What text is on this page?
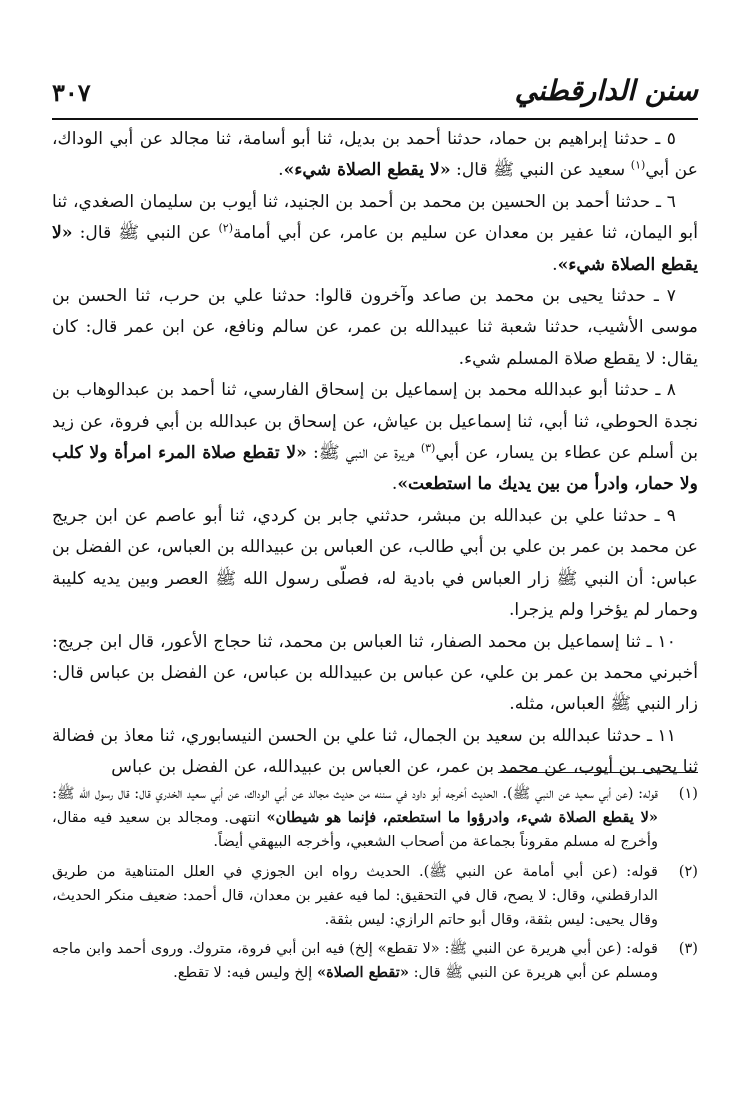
سنن الدارقطني
٣٠٧

٥ ـ حدثنا إبراهيم بن حماد، حدثنا أحمد بن بديل، ثنا أبو أسامة، ثنا مجالد عن أبي الوداك، عن أبي$^{(١)}$ سعيد عن النبي ﷺ قال: «لا يقطع الصلاة شيء».

٦ ـ حدثنا أحمد بن الحسين بن محمد بن أحمد بن الجنيد، ثنا أيوب بن سليمان الصغدي، ثنا أبو اليمان، ثنا عفير بن معدان عن سليم بن عامر، عن أبي أمامة$^{(٢)}$ عن النبي ﷺ قال: «لا يقطع الصلاة شيء».

٧ ـ حدثنا يحيى بن محمد بن صاعد وآخرون قالوا: حدثنا علي بن حرب، ثنا الحسن بن موسى الأشيب، حدثنا شعبة ثنا عبيدالله بن عمر، عن سالم ونافع، عن ابن عمر قال: كان يقال: لا يقطع صلاة المسلم شيء.

٨ ـ حدثنا أبو عبدالله محمد بن إسماعيل بن إسحاق الفارسي، ثنا أحمد بن عبدالوهاب بن نجدة الحوطي، ثنا أبي، ثنا إسماعيل بن عياش، عن إسحاق بن عبدالله بن أبي فروة، عن زيد بن أسلم عن عطاء بن يسار، عن أبي$^{(٣)}$ هريرة عن النبي ﷺ: «لا تقطع صلاة المرء امرأة ولا كلب ولا حمار، وادرأ من بين يديك ما استطعت».

٩ ـ حدثنا علي بن عبدالله بن مبشر، حدثني جابر بن كردي، ثنا أبو عاصم عن ابن جريج عن محمد بن عمر بن علي بن أبي طالب، عن العباس بن عبيدالله بن العباس، عن الفضل بن عباس: أن النبي ﷺ زار العباس في بادية له، فصلّى رسول الله ﷺ العصر وبين يديه كليبة وحمار لم يؤخرا ولم يزجرا.

١٠ ـ ثنا إسماعيل بن محمد الصفار، ثنا العباس بن محمد، ثنا حجاج الأعور، قال ابن جريج: أخبرني محمد بن عمر بن علي، عن عباس بن عبيدالله بن عباس، عن الفضل بن عباس قال: زار النبي ﷺ العباس، مثله.

١١ ـ حدثنا عبدالله بن سعيد بن الجمال، ثنا علي بن الحسن النيسابوري، ثنا معاذ بن فضالة ثنا يحيى بن أيوب، عن محمد بن عمر، عن العباس بن عبيدالله، عن الفضل بن عباس

(١)
قوله: (عن أبي سعيد عن النبي ﷺ). الحديث أخرجه أبو داود في سننه من حديث مجالد عن أبي الوداك، عن أبي سعيد الخدري قال: قال رسول الله ﷺ: «لا يقطع الصلاة شيء، وادرؤوا ما استطعتم، فإنما هو شيطان» انتهى. ومجالد بن سعيد فيه مقال، وأخرج له مسلم مقروناً بجماعة من أصحاب الشعبي، وأخرجه البيهقي أيضاً.
(٢)
قوله: (عن أبي أمامة عن النبي ﷺ). الحديث رواه ابن الجوزي في العلل المتناهية من طريق الدارقطني، وقال: لا يصح، قال في التحقيق: لما فيه عفير بن معدان، قال أحمد: ضعيف منكر الحديث، وقال يحيى: ليس بثقة، وقال أبو حاتم الرازي: ليس بثقة.
(٣)
قوله: (عن أبي هريرة عن النبي ﷺ: «لا تقطع» إلخ) فيه ابن أبي فروة، متروك. وروى أحمد وابن ماجه ومسلم عن أبي هريرة عن النبي ﷺ قال: «تقطع الصلاة» إلخ وليس فيه: لا تقطع.
